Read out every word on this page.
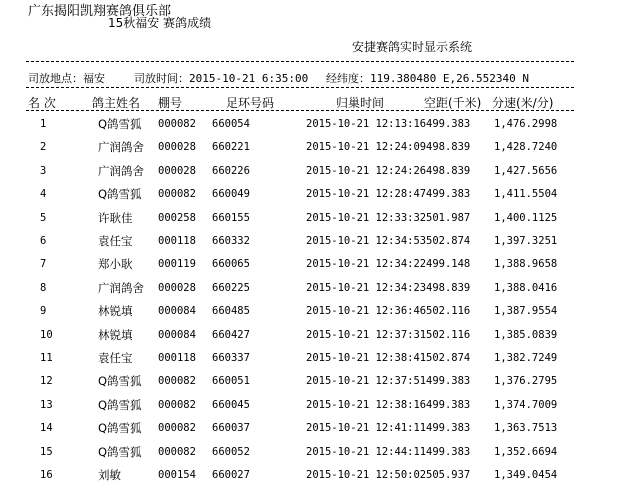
广东揭阳凯翔赛鸽俱乐部
15秋福安 赛鸽成绩
安捷赛鸽实时显示系统
司放地点：福安	司放时间：2015-10-21 6:35:00 经纬度：119.380480 E,26.552340 N
名 次	鸽主姓名 棚号	足环号码	归巢时间	空距(千米) 分速(米/分)
1	Q鸽雪狐 000082 660054	2015-10-21 12:13:16 499.383 1,476.2998
2	广润鸽舍 000028 660221	2015-10-21 12:24:09 498.839 1,428.7240
3	广润鸽舍 000028 660226	2015-10-21 12:24:26 498.839 1,427.5656
4	Q鸽雪狐 000082 660049	2015-10-21 12:28:47 499.383 1,411.5504
5	许耿佳 000258 660155	2015-10-21 12:33:32 501.987 1,400.1125
6	袁任宝 000118 660332	2015-10-21 12:34:53 502.874 1,397.3251
7	郑小耿 000119 660065	2015-10-21 12:34:22 499.148 1,388.9658
8	广润鸽舍 000028 660225	2015-10-21 12:34:23 498.839 1,388.0416
9	林锐填 000084 660485	2015-10-21 12:36:46 502.116 1,387.9554
10	林锐填 000084 660427	2015-10-21 12:37:31 502.116 1,385.0839
11	袁任宝 000118 660337	2015-10-21 12:38:41 502.874 1,382.7249
12	Q鸽雪狐 000082 660051	2015-10-21 12:37:51 499.383 1,376.2795
13	Q鸽雪狐 000082 660045	2015-10-21 12:38:16 499.383 1,374.7009
14	Q鸽雪狐 000082 660037	2015-10-21 12:41:11 499.383 1,363.7513
15	Q鸽雪狐 000082 660052	2015-10-21 12:44:11 499.383 1,352.6694
16	刘敏	000154 660027	2015-10-21 12:50:02 505.937 1,349.0454
